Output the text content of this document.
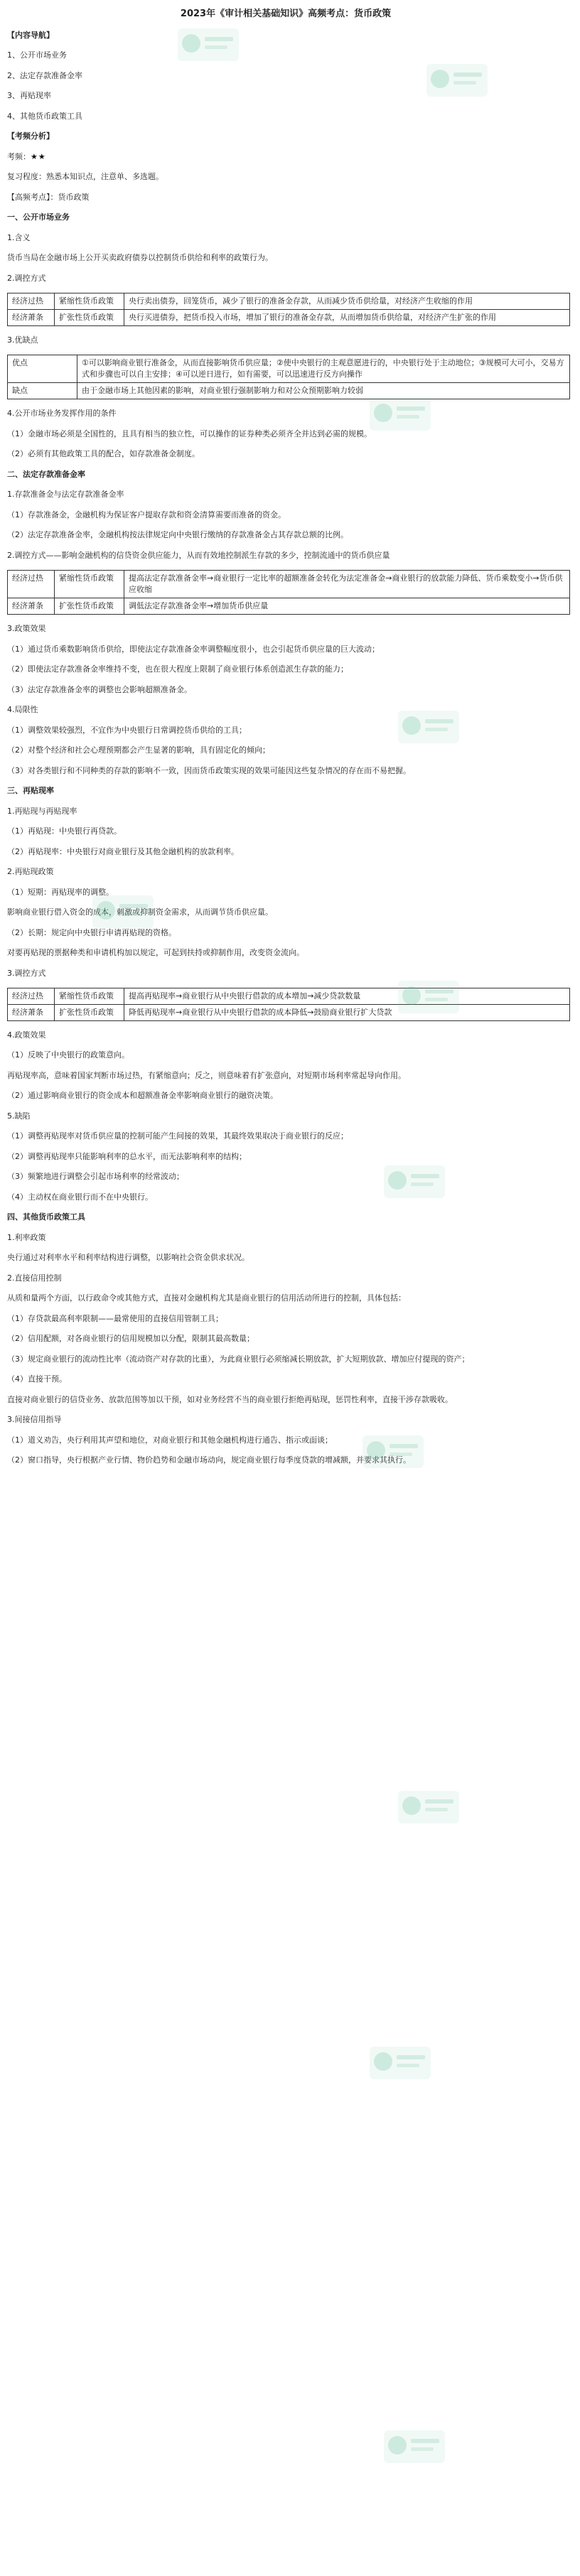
2023年《审计相关基础知识》高频考点：货币政策
【内容导航】
1、公开市场业务
2、法定存款准备金率
3、再贴现率
4、其他货币政策工具
【考频分析】
考频：★★
复习程度：熟悉本知识点，注意单、多选题。
【高频考点】：货币政策
一、公开市场业务
1.含义
货币当局在金融市场上公开买卖政府债券以控制货币供给和利率的政策行为。
2.调控方式
经济过热	紧缩性货币政策	央行卖出债券，回笼货币，减少了银行的准备金存款，从而减少货币供给量，对经济产生收缩的作用
经济萧条	扩张性货币政策	央行买进债券，把货币投入市场，增加了银行的准备金存款，从而增加货币供给量，对经济产生扩张的作用
3.优缺点
优点	①可以影响商业银行准备金，从而直接影响货币供应量；②使中央银行的主观意愿进行的，中央银行处于主动地位；③规模可大可小，交易方式和步骤也可以自主安排；④可以逆日进行，如有需要，可以迅速进行反方向操作
缺点	由于金融市场上其他因素的影响，对商业银行强制影响力和对公众预期影响力较弱
4.公开市场业务发挥作用的条件
（1）金融市场必须是全国性的，且具有相当的独立性，可以操作的证券种类必须齐全并达到必需的规模。
（2）必须有其他政策工具的配合，如存款准备金制度。
二、法定存款准备金率
1.存款准备金与法定存款准备金率
（1）存款准备金，金融机构为保证客户提取存款和资金清算需要而准备的资金。
（2）法定存款准备金率，金融机构按法律规定向中央银行缴纳的存款准备金占其存款总额的比例。
2.调控方式——影响金融机构的信贷资金供应能力，从而有效地控制派生存款的多少，控制流通中的货币供应量
经济过热	紧缩性货币政策	提高法定存款准备金率→商业银行一定比率的超额准备金转化为法定准备金→商业银行的放款能力降低、货币乘数变小→货币供应收缩
经济萧条	扩张性货币政策	调低法定存款准备金率→增加货币供应量
3.政策效果
（1）通过货币乘数影响货币供给，即使法定存款准备金率调整幅度很小，也会引起货币供应量的巨大波动；
（2）即使法定存款准备金率维持不变，也在很大程度上限制了商业银行体系创造派生存款的能力；
（3）法定存款准备金率的调整也会影响超额准备金。
4.局限性
（1）调整效果较强烈，不宜作为中央银行日常调控货币供给的工具；
（2）对整个经济和社会心理预期都会产生显著的影响，具有固定化的倾向；
（3）对各类银行和不同种类的存款的影响不一致，因而货币政策实现的效果可能因这些复杂情况的存在而不易把握。
三、再贴现率
1.再贴现与再贴现率
（1）再贴现：中央银行再贷款。
（2）再贴现率：中央银行对商业银行及其他金融机构的放款利率。
2.再贴现政策
（1）短期：再贴现率的调整。
影响商业银行借入资金的成本，刺激或抑制资金需求，从而调节货币供应量。
（2）长期：规定向中央银行申请再贴现的资格。
对要再贴现的票据种类和申请机构加以规定，可起到扶持或抑制作用，改变资金流向。
3.调控方式
经济过热	紧缩性货币政策	提高再贴现率→商业银行从中央银行借款的成本增加→减少贷款数量
经济萧条	扩张性货币政策	降低再贴现率→商业银行从中央银行借款的成本降低→鼓励商业银行扩大贷款
4.政策效果
（1）反映了中央银行的政策意向。
再贴现率高，意味着国家判断市场过热，有紧缩意向；反之，则意味着有扩张意向，对短期市场利率常起导向作用。
（2）通过影响商业银行的资金成本和超额准备金率影响商业银行的融资决策。
5.缺陷
（1）调整再贴现率对货币供应量的控制可能产生间接的效果，其最终效果取决于商业银行的反应；
（2）调整再贴现率只能影响利率的总水平，而无法影响利率的结构；
（3）频繁地进行调整会引起市场利率的经常波动；
（4）主动权在商业银行而不在中央银行。
四、其他货币政策工具
1.利率政策
央行通过对利率水平和利率结构进行调整，以影响社会资金供求状况。
2.直接信用控制
从质和量两个方面，以行政命令或其他方式，直接对金融机构尤其是商业银行的信用活动所进行的控制，具体包括：
（1）存贷款最高利率限制——最常使用的直接信用管制工具；
（2）信用配额，对各商业银行的信用规模加以分配，限制其最高数量；
（3）规定商业银行的流动性比率（流动资产对存款的比重），为此商业银行必须缩减长期放款，扩大短期放款、增加应付提现的资产；
（4）直接干预。
直接对商业银行的信贷业务、放款范围等加以干预，如对业务经营不当的商业银行拒绝再贴现，惩罚性利率，直接干涉存款吸收。
3.间接信用指导
（1）道义劝告，央行利用其声望和地位，对商业银行和其他金融机构进行通告、指示或面谈；
（2）窗口指导，央行根据产业行情、物价趋势和金融市场动向，规定商业银行每季度贷款的增减额，并要求其执行。
